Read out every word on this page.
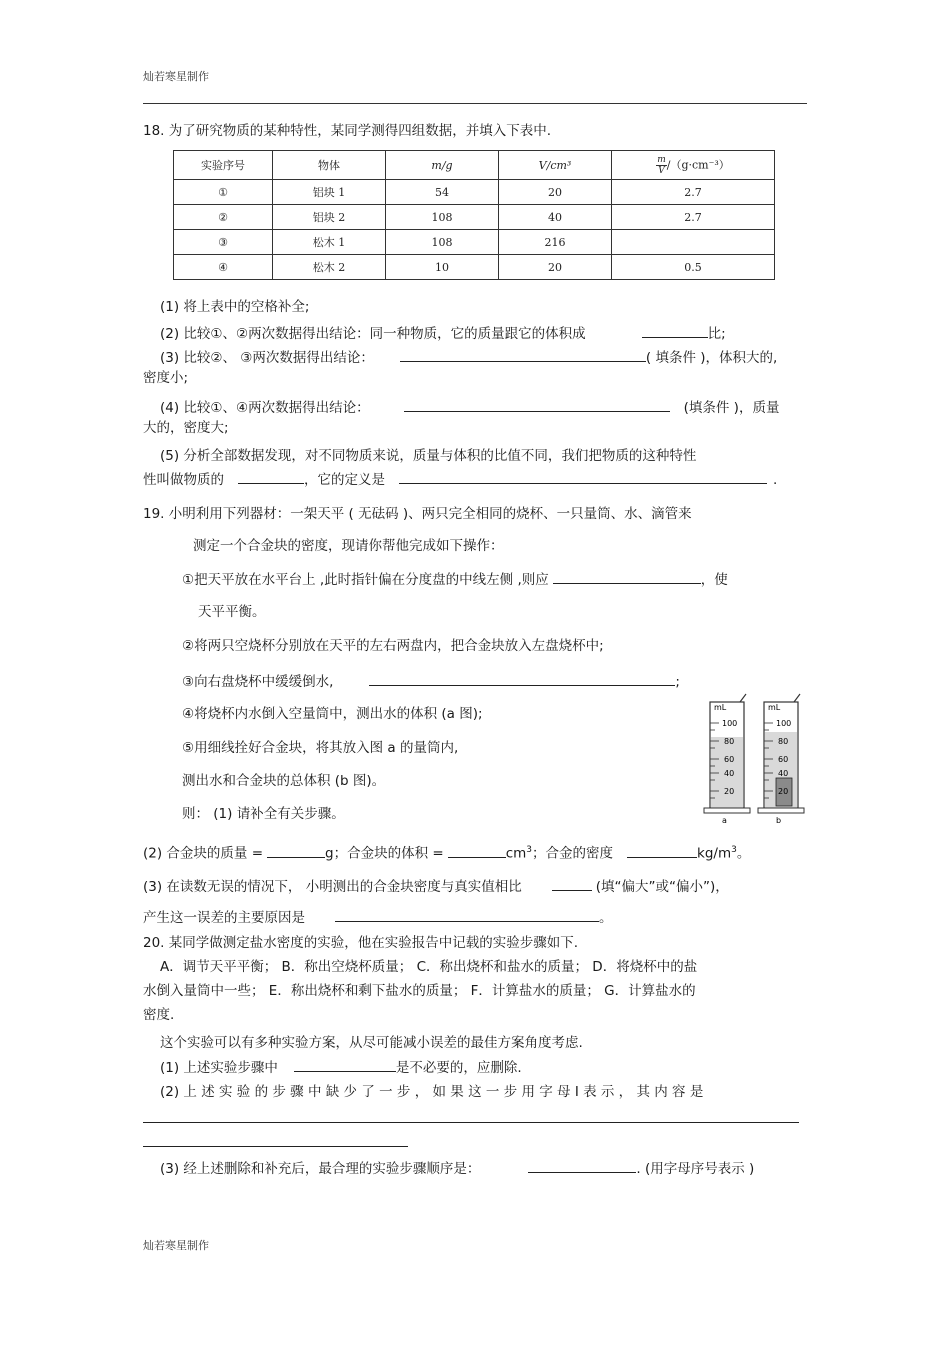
灿若寒星制作
18. 为了研究物质的某种特性，某同学测得四组数据，并填入下表中.
实验序号	物体	m/g	V/cm³	$\frac{m}{V} /(g\cdot cm^{-3})$
①	铝块 1	54	20	2.7
②	铝块 2	108	40	2.7
③	松木 1	108	216	
④	松木 2	10	20	0.5
(1) 将上表中的空格补全;
(2) 比较①、②两次数据得出结论：同一种物质，它的质量跟它的体积成	比;
(3) 比较②、 ③两次数据得出结论：	( 填条件 )，体积大的,
密度小;
(4) 比较①、④两次数据得出结论：	(填条件 )，质量
大的，密度大;
(5) 分析全部数据发现，对不同物质来说，质量与体积的比值不同，我们把物质的这种特性
性叫做物质的	，它的定义是	.
19. 小明利用下列器材：一架天平 ( 无砝码 )、两只完全相同的烧杯、一只量筒、水、滴管来
测定一个合金块的密度，现请你帮他完成如下操作：
①把天平放在水平台上 ,此时指针偏在分度盘的中线左侧 ,则应	，使
天平平衡。
②将两只空烧杯分别放在天平的左右两盘内，把合金块放入左盘烧杯中;
③向右盘烧杯中缓缓倒水,	;
④将烧杯内水倒入空量筒中，测出水的体积 (a 图);
⑤用细线拴好合金块，将其放入图 a 的量筒内,
测出水和合金块的总体积 (b 图)。
则： (1) 请补全有关步骤。
mL
100
80
60
40
20
a
mL
100
80
60
40
20
b
(2) 合金块的质量 =	g；合金块的体积 =	$cm^3$；合金的密度	$kg/m^3$。
(3) 在读数无误的情况下， 小明测出的合金块密度与真实值相比	(填“偏大”或“偏小”)，
产生这一误差的主要原因是	。
20. 某同学做测定盐水密度的实验，他在实验报告中记载的实验步骤如下.
A．调节天平平衡； B．称出空烧杯质量； C．称出烧杯和盐水的质量； D．将烧杯中的盐
水倒入量筒中一些； E．称出烧杯和剩下盐水的质量； F．计算盐水的质量； G．计算盐水的
密度.
这个实验可以有多种实验方案，从尽可能减小误差的最佳方案角度考虑.
(1) 上述实验步骤中	是不必要的，应删除.
(2) 上 述 实 验 的 步 骤 中 缺 少 了 一 步 ， 如 果 这 一 步 用 字 母 I 表 示 ， 其 内 容 是
(3) 经上述删除和补充后，最合理的实验步骤顺序是：	. (用字母序号表示 )
灿若寒星制作
